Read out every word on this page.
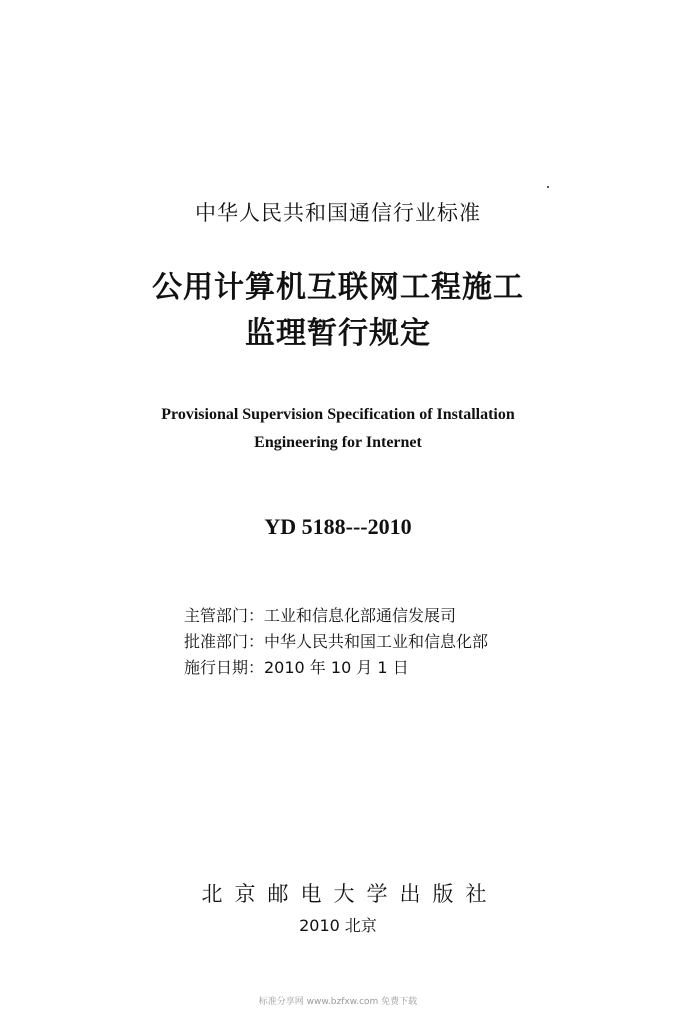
中华人民共和国通信行业标准
公用计算机互联网工程施工
监理暂行规定
Provisional Supervision Specification of Installation
Engineering for Internet
YD 5188---2010
主管部门：工业和信息化部通信发展司
批准部门：中华人民共和国工业和信息化部
施行日期：2010 年 10 月 1 日
北京邮电大学出版社
2010 北京
标准分享网 www.bzfxw.com 免费下载
